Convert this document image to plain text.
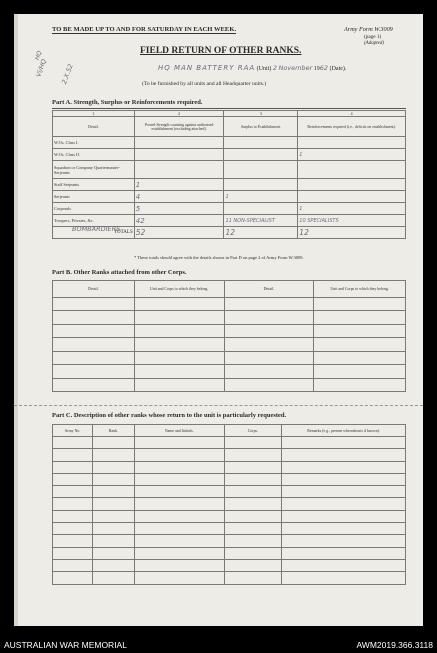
TO BE MADE UP TO AND FOR SATURDAY IN EACH WEEK.	Army Form W.3009
(page 1)
(Adapted)
HQ
Vi/HQ 2.X.52
FIELD RETURN OF OTHER RANKS.
HQ MAN BATTERY RAA (Unit) 2 November 1962 (Date).
(To be furnished by all units and all Headquarter units.)
Part A. Strength, Surplus or Reinforcements required.
1	2	3	4
Detail.	Posted Strength counting against authorised establishment (excluding attached).	Surplus to Establishment.	Reinforcements required (i.e., deficits on establishment).
W.Os. Class I.			
W.Os. Class II.			1
Squadron or Company Quartermaster-Serjeants			
Staff Serjeants	1		
Serjeants	4	1	
Corporals	5		1
Troopers, Privates, &c.	42	11 NON-SPECIALIST	10 SPECIALISTS
TOTALS	52	12	12
BOMBARDIERS
* These totals should agree with the details shown in Part D on page 2 of Army Form W.3009.
Part B. Other Ranks attached from other Corps.
Detail.	Unit and Corps to which they belong.	Detail.	Unit and Corps to which they belong.

Part C. Description of other ranks whose return to the unit is particularly requested.
Army No.	Rank.	Name and Initials.	Corps.	Remarks (e.g., present whereabouts if known).

AUSTRALIAN WAR MEMORIAL	AWM2019.366.3118
